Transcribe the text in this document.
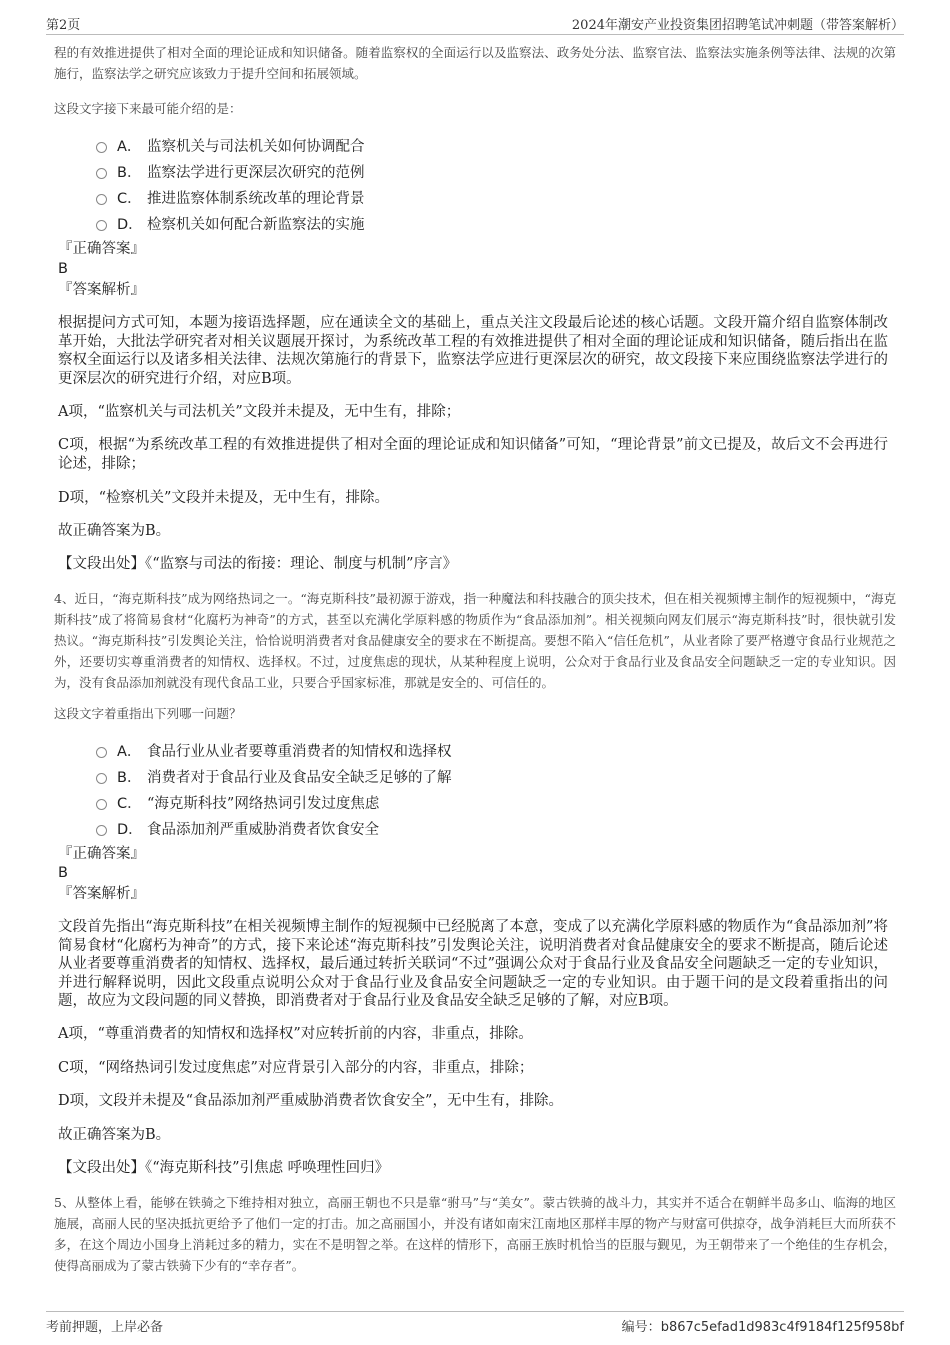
第2页	2024年潮安产业投资集团招聘笔试冲刺题（带答案解析）
程的有效推进提供了相对全面的理论证成和知识储备。随着监察权的全面运行以及监察法、政务处分法、监察官法、监察法实施条例等法律、法规的次第施行，监察法学之研究应该致力于提升空间和拓展领域。
这段文字接下来最可能介绍的是：
A． 监察机关与司法机关如何协调配合
B． 监察法学进行更深层次研究的范例
C． 推进监察体制系统改革的理论背景
D． 检察机关如何配合新监察法的实施
『正确答案』
B
『答案解析』
根据提问方式可知，本题为接语选择题，应在通读全文的基础上，重点关注文段最后论述的核心话题。文段开篇介绍自监察体制改革开始，大批法学研究者对相关议题展开探讨，为系统改革工程的有效推进提供了相对全面的理论证成和知识储备，随后指出在监察权全面运行以及诸多相关法律、法规次第施行的背景下，监察法学应进行更深层次的研究，故文段接下来应围绕监察法学进行的更深层次的研究进行介绍，对应B项。
A项，“监察机关与司法机关”文段并未提及，无中生有，排除；
C项，根据“为系统改革工程的有效推进提供了相对全面的理论证成和知识储备”可知，“理论背景”前文已提及，故后文不会再进行论述，排除；
D项，“检察机关”文段并未提及，无中生有，排除。
故正确答案为B。
【文段出处】《“监察与司法的衔接：理论、制度与机制”序言》
4、近日，“海克斯科技”成为网络热词之一。“海克斯科技”最初源于游戏，指一种魔法和科技融合的顶尖技术，但在相关视频博主制作的短视频中，“海克斯科技”成了将简易食材“化腐朽为神奇”的方式，甚至以充满化学原料感的物质作为“食品添加剂”。相关视频向网友们展示“海克斯科技”时，很快就引发热议。“海克斯科技”引发舆论关注，恰恰说明消费者对食品健康安全的要求在不断提高。要想不陷入“信任危机”，从业者除了要严格遵守食品行业规范之外，还要切实尊重消费者的知情权、选择权。不过，过度焦虑的现状，从某种程度上说明，公众对于食品行业及食品安全问题缺乏一定的专业知识。因为，没有食品添加剂就没有现代食品工业，只要合乎国家标准，那就是安全的、可信任的。
这段文字着重指出下列哪一问题？
A． 食品行业从业者要尊重消费者的知情权和选择权
B． 消费者对于食品行业及食品安全缺乏足够的了解
C． “海克斯科技”网络热词引发过度焦虑
D． 食品添加剂严重威胁消费者饮食安全
『正确答案』
B
『答案解析』
文段首先指出“海克斯科技”在相关视频博主制作的短视频中已经脱离了本意，变成了以充满化学原料感的物质作为“食品添加剂”将简易食材“化腐朽为神奇”的方式，接下来论述“海克斯科技”引发舆论关注，说明消费者对食品健康安全的要求不断提高，随后论述从业者要尊重消费者的知情权、选择权，最后通过转折关联词“不过”强调公众对于食品行业及食品安全问题缺乏一定的专业知识，并进行解释说明，因此文段重点说明公众对于食品行业及食品安全问题缺乏一定的专业知识。由于题干问的是文段着重指出的问题，故应为文段问题的同义替换，即消费者对于食品行业及食品安全缺乏足够的了解，对应B项。
A项，“尊重消费者的知情权和选择权”对应转折前的内容，非重点，排除。
C项，“网络热词引发过度焦虑”对应背景引入部分的内容，非重点，排除；
D项，文段并未提及“食品添加剂严重威胁消费者饮食安全”，无中生有，排除。
故正确答案为B。
【文段出处】《“海克斯科技”引焦虑 呼唤理性回归》
5、从整体上看，能够在铁骑之下维持相对独立，高丽王朝也不只是靠“驸马”与“美女”。蒙古铁骑的战斗力，其实并不适合在朝鲜半岛多山、临海的地区施展，高丽人民的坚决抵抗更给予了他们一定的打击。加之高丽国小，并没有诸如南宋江南地区那样丰厚的物产与财富可供掠夺，战争消耗巨大而所获不多，在这个周边小国身上消耗过多的精力，实在不是明智之举。在这样的情形下，高丽王族时机恰当的臣服与觐见，为王朝带来了一个绝佳的生存机会，使得高丽成为了蒙古铁骑下少有的“幸存者”。
考前押题，上岸必备	编号：b867c5efad1d983c4f9184f125f958bf
